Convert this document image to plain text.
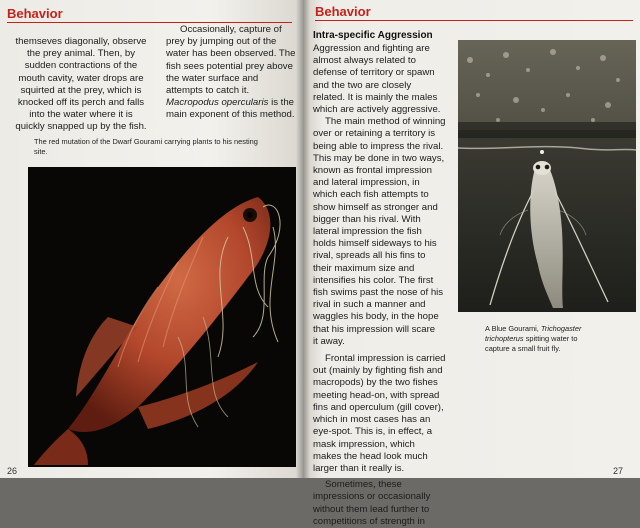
Behavior
themseves diagonally, observe
the prey animal. Then, by
sudden contractions of the
mouth cavity, water drops are
squirted at the prey, which is
knocked off its perch and falls
into the water where it is
quickly snapped up by the fish.
Occasionally, capture of
prey by jumping out of the
water has been observed. The
fish sees potential prey above
the water surface and
attempts to catch it.
Macropodus opercularis is the
main exponent of this method.
The red mutation of the Dwarf Gourami carrying plants to his nesting
site.
26
Behavior
Intra-specific Aggression
Aggression and fighting are
almost always related to
defense of territory or spawn
and the two are closely
related. It is mainly the males
which are actively aggressive.
The main method of winning
over or retaining a territory is
being able to impress the rival.
This may be done in two ways,
known as frontal impression
and lateral impression, in
which each fish attempts to
show himself as stronger and
bigger than his rival. With
lateral impression the fish
holds himself sideways to his
rival, spreads all his fins to
their maximum size and
intensifies his color. The first
fish swims past the nose of his
rival in such a manner and
waggles his body, in the hope
that his impression will scare
it away.
Frontal impression is carried
out (mainly by fighting fish and
macropods) by the two fishes
meeting head-on, with spread
fins and operculum (gill cover),
which in most cases has an
eye-spot. This is, in effect, a
mask impression, which
makes the head look much
larger than it really is.
Sometimes, these
impressions or occasionally
without them lead further to
competitions of strength in
A Blue Gourami, Trichogaster
trichopterus spitting water to
capture a small fruit fly.
27
